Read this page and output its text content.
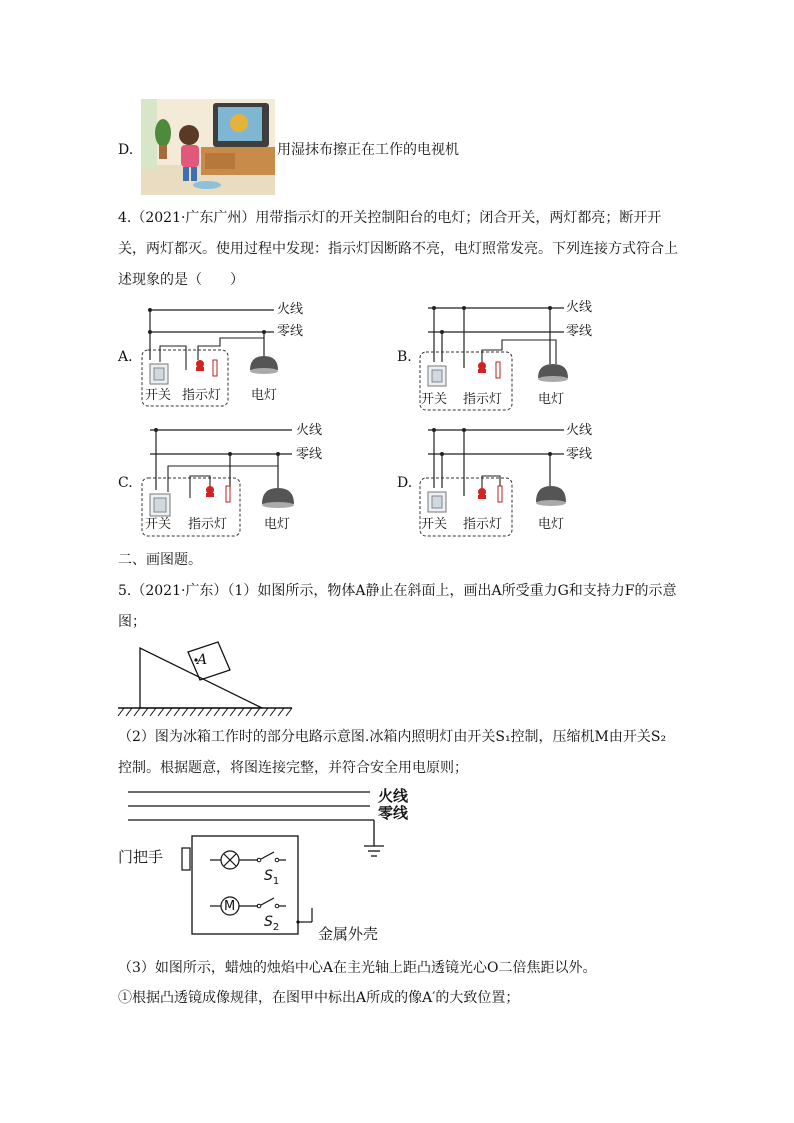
D.	用湿抹布擦正在工作的电视机
4.（2021·广东广州）用带指示灯的开关控制阳台的电灯；闭合开关，两灯都亮；断开开关，两灯都灭。使用过程中发现：指示灯因断路不亮，电灯照常发亮。下列连接方式符合上述现象的是（　　）
A.
火线
零线
开关 指示灯 电灯
B.
火线
零线
开关 指示灯	电灯
C.
火线
零线
开关 指示灯	电灯
D.
火线
零线
开关 指示灯	电灯
二、画图题。
5.（2021·广东）（1）如图所示，物体A静止在斜面上，画出A所受重力G和支持力F的示意图；
A
（2）图为冰箱工作时的部分电路示意图.冰箱内照明灯由开关S₁控制，压缩机M由开关S₂控制。根据题意，将图连接完整，并符合安全用电原则；
火线
零线
门把手
M
$S_1$
$S_2$	金属外壳
（3）如图所示，蜡烛的烛焰中心A在主光轴上距凸透镜光心O二倍焦距以外。
①根据凸透镜成像规律，在图甲中标出A所成的像A′的大致位置；
